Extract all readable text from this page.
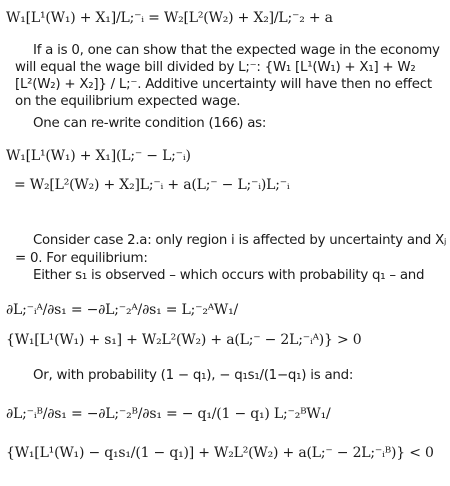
W₁[L¹(W₁) + X₁]/L;⁻ᵢ = W₂[L²(W₂) + X₂]/L;⁻₂ + a
If a is 0, one can show that the expected wage in the economy
will equal the wage bill divided by L;⁻: {W₁ [L¹(W₁) + X₁] + W₂
[L²(W₂) + X₂]} / L;⁻. Additive uncertainty will have then no effect
on the equilibrium expected wage.
One can re-write condition (166) as:
W₁[L¹(W₁) + X₁](L;⁻ − L;⁻ᵢ)
= W₂[L²(W₂) + X₂]L;⁻ᵢ + a(L;⁻ − L;⁻ᵢ)L;⁻ᵢ
Consider case 2.a: only region i is affected by uncertainty and Xⱼ
= 0. For equilibrium:
Either s₁ is observed – which occurs with probability q₁ – and
∂L;⁻ᵢᴬ/∂s₁ = −∂L;⁻₂ᴬ/∂s₁ = L;⁻₂ᴬW₁/
{W₁[L¹(W₁) + s₁] + W₂L²(W₂) + a(L;⁻ − 2L;⁻ᵢᴬ)} > 0
Or, with probability (1 − q₁), − q₁s₁/(1−q₁) is and:
∂L;⁻ᵢᴮ/∂s₁ = −∂L;⁻₂ᴮ/∂s₁ = − q₁/(1 − q₁) L;⁻₂ᴮW₁/
{W₁[L¹(W₁) − q₁s₁/(1 − q₁)] + W₂L²(W₂) + a(L;⁻ − 2L;⁻ᵢᴮ)} < 0
